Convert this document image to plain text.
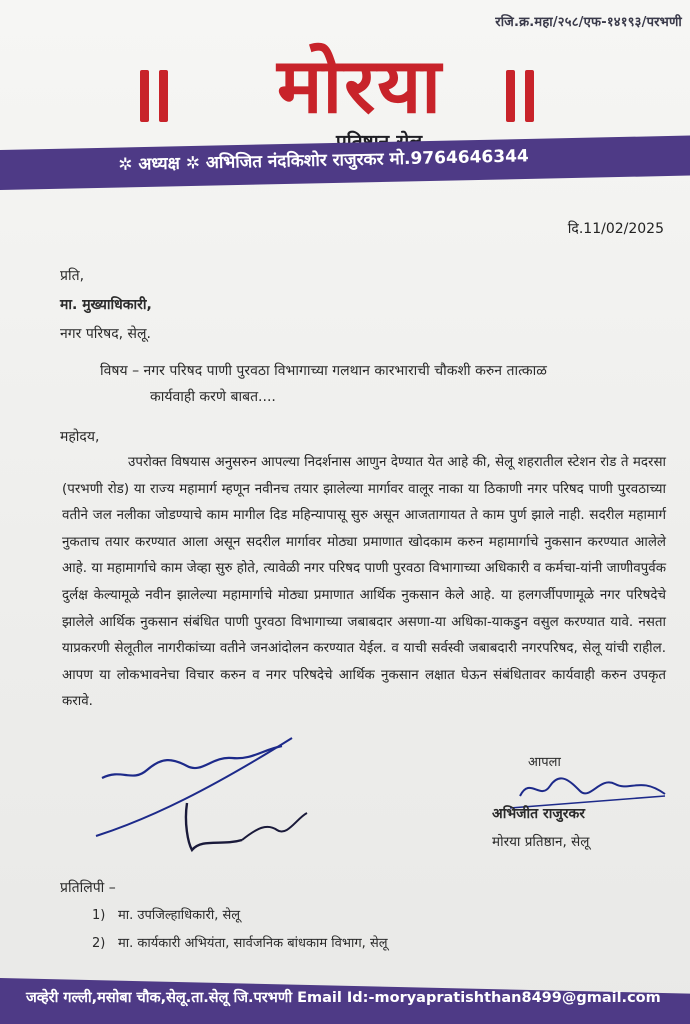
रजि.क्र.महा/२५८/एफ-१४१९३/परभणी
मोरया
✲ अध्यक्ष ✲ अभिजित नंदकिशोर राजुरकर मो.9764646344
दि.11/02/2025
प्रति,
मा. मुख्याधिकारी,
नगर परिषद, सेलू.
विषय – नगर परिषद पाणी पुरवठा विभागाच्या गलथान कारभाराची चौकशी करुन तात्काळ
कार्यवाही करणे बाबत....
महोदय,
उपरोक्त विषयास अनुसरुन आपल्या निदर्शनास आणुन देण्यात येत आहे की, सेलू शहरातील स्टेशन रोड ते मदरसा (परभणी रोड) या राज्य महामार्ग म्हणून नवीनच तयार झालेल्या मार्गावर वालूर नाका या ठिकाणी नगर परिषद पाणी पुरवठाच्या वतीने जल नलीका जोडण्याचे काम मागील दिड महिन्यापासू सुरु असून आजतागायत ते काम पुर्ण झाले नाही. सदरील महामार्ग नुकताच तयार करण्यात आला असून सदरील मार्गावर मोठ्या प्रमाणात खोदकाम करुन महामार्गाचे नुकसान करण्यात आलेले आहे. या महामार्गाचे काम जेव्हा सुरु होते, त्यावेळी नगर परिषद पाणी पुरवठा विभागाच्या अधिकारी व कर्मचा-यांनी जाणीवपुर्वक दुर्लक्ष केल्यामूळे नवीन झालेल्या महामार्गाचे मोठ्या प्रमाणात आर्थिक नुकसान केले आहे. या हलगर्जीपणामूळे नगर परिषदेचे झालेले आर्थिक नुकसान संबंधित पाणी पुरवठा विभागाच्या जबाबदार असणा-या अधिका-याकडुन वसुल करण्यात यावे. नसता याप्रकरणी सेलूतील नागरीकांच्या वतीने जनआंदोलन करण्यात येईल. व याची सर्वस्वी जबाबदारी नगरपरिषद, सेलू यांची राहील. आपण या लोकभावनेचा विचार करुन व नगर परिषदेचे आर्थिक नुकसान लक्षात घेऊन संबंधितावर कार्यवाही करुन उपकृत करावे.
आपला
अभिजीत राजुरकर
मोरया प्रतिष्ठान, सेलू
प्रतिलिपी –
1) मा. उपजिल्हाधिकारी, सेलू
2) मा. कार्यकारी अभियंता, सार्वजनिक बांधकाम विभाग, सेलू
जव्हेरी गल्ली,मसोबा चौक,सेलू.ता.सेलू जि.परभणी Email Id:-moryapratishthan8499@gmail.com
